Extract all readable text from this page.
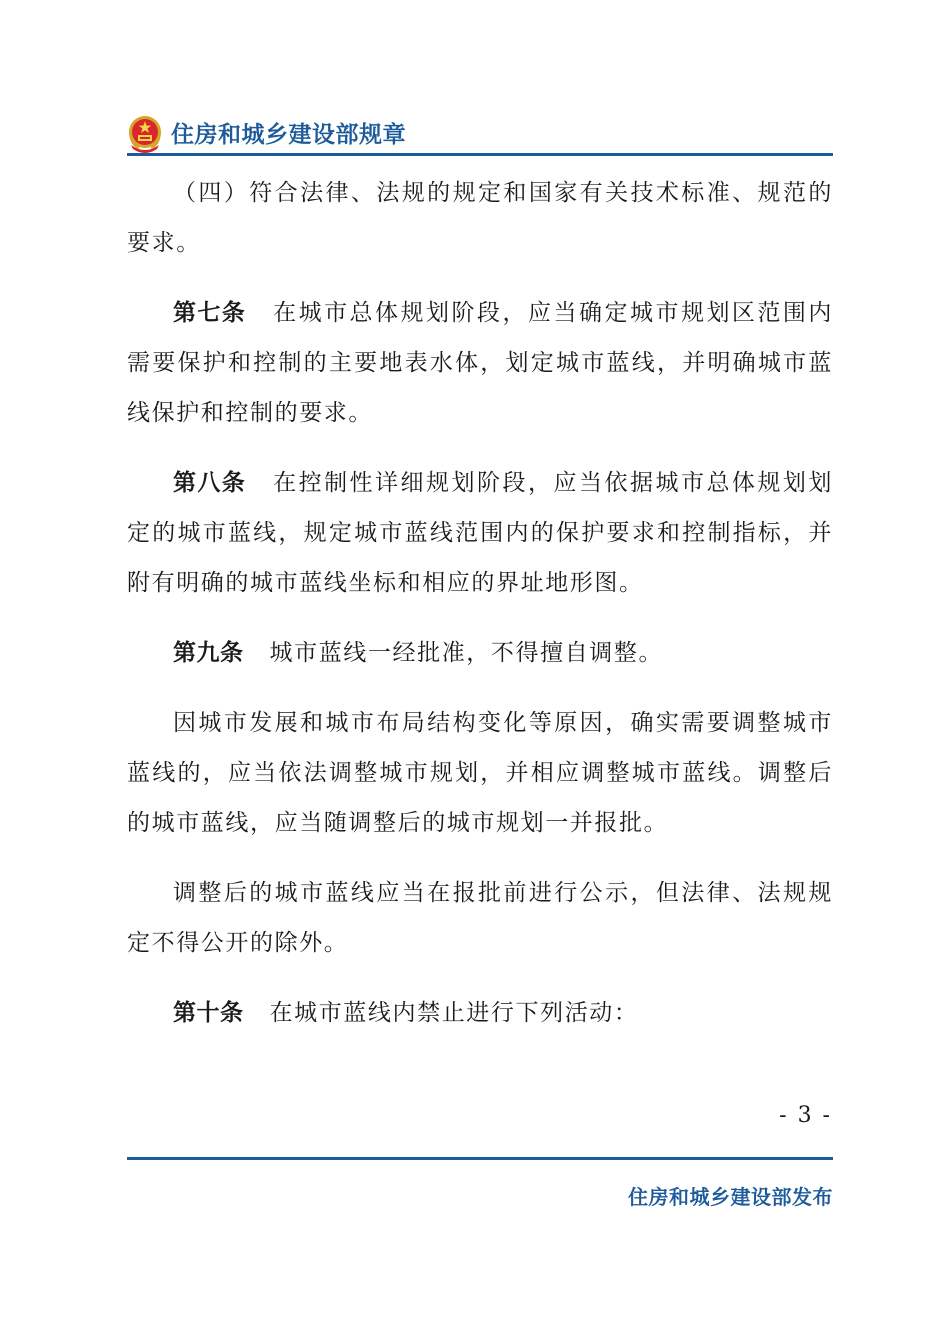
住房和城乡建设部规章

（四）符合法律、法规的规定和国家有关技术标准、规范的要求。

第七条 在城市总体规划阶段，应当确定城市规划区范围内需要保护和控制的主要地表水体，划定城市蓝线，并明确城市蓝线保护和控制的要求。

第八条 在控制性详细规划阶段，应当依据城市总体规划划定的城市蓝线，规定城市蓝线范围内的保护要求和控制指标，并附有明确的城市蓝线坐标和相应的界址地形图。

第九条 城市蓝线一经批准，不得擅自调整。

因城市发展和城市布局结构变化等原因，确实需要调整城市蓝线的，应当依法调整城市规划，并相应调整城市蓝线。调整后的城市蓝线，应当随调整后的城市规划一并报批。

调整后的城市蓝线应当在报批前进行公示，但法律、法规规定不得公开的除外。

第十条 在城市蓝线内禁止进行下列活动：

- 3 -
住房和城乡建设部发布
